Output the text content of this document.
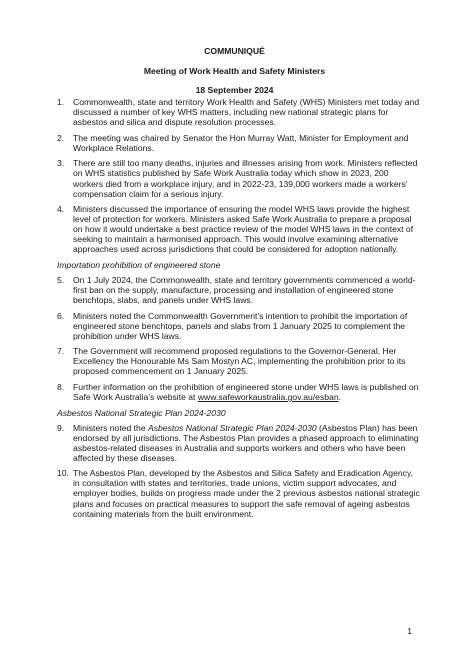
COMMUNIQUÉ
Meeting of Work Health and Safety Ministers
18 September 2024
1.	Commonwealth, state and territory Work Health and Safety (WHS) Ministers met today and discussed a number of key WHS matters, including new national strategic plans for asbestos and silica and dispute resolution processes.
2.	The meeting was chaired by Senator the Hon Murray Watt, Minister for Employment and Workplace Relations.
3.	There are still too many deaths, injuries and illnesses arising from work. Ministers reflected on WHS statistics published by Safe Work Australia today which show in 2023, 200 workers died from a workplace injury, and in 2022-23, 139,000 workers made a workers’ compensation claim for a serious injury.
4.	Ministers discussed the importance of ensuring the model WHS laws provide the highest level of protection for workers. Ministers asked Safe Work Australia to prepare a proposal on how it would undertake a best practice review of the model WHS laws in the context of seeking to maintain a harmonised approach. This would involve examining alternative approaches used across jurisdictions that could be considered for adoption nationally.
Importation prohibition of engineered stone
5.	On 1 July 2024, the Commonwealth, state and territory governments commenced a world-first ban on the supply, manufacture, processing and installation of engineered stone benchtops, slabs, and panels under WHS laws.
6.	Ministers noted the Commonwealth Government’s intention to prohibit the importation of engineered stone benchtops, panels and slabs from 1 January 2025 to complement the prohibition under WHS laws.
7.	The Government will recommend proposed regulations to the Governor-General, Her Excellency the Honourable Ms Sam Mostyn AC, implementing the prohibition prior to its proposed commencement on 1 January 2025.
8.	Further information on the prohibition of engineered stone under WHS laws is published on Safe Work Australia’s website at www.safeworkaustralia.gov.au/esban.
Asbestos National Strategic Plan 2024-2030
9.	Ministers noted the Asbestos National Strategic Plan 2024-2030 (Asbestos Plan) has been endorsed by all jurisdictions. The Asbestos Plan provides a phased approach to eliminating asbestos-related diseases in Australia and supports workers and others who have been affected by these diseases.
10. The Asbestos Plan, developed by the Asbestos and Silica Safety and Eradication Agency, in consultation with states and territories, trade unions, victim support advocates, and employer bodies, builds on progress made under the 2 previous asbestos national strategic plans and focuses on practical measures to support the safe removal of ageing asbestos containing materials from the built environment.
1
